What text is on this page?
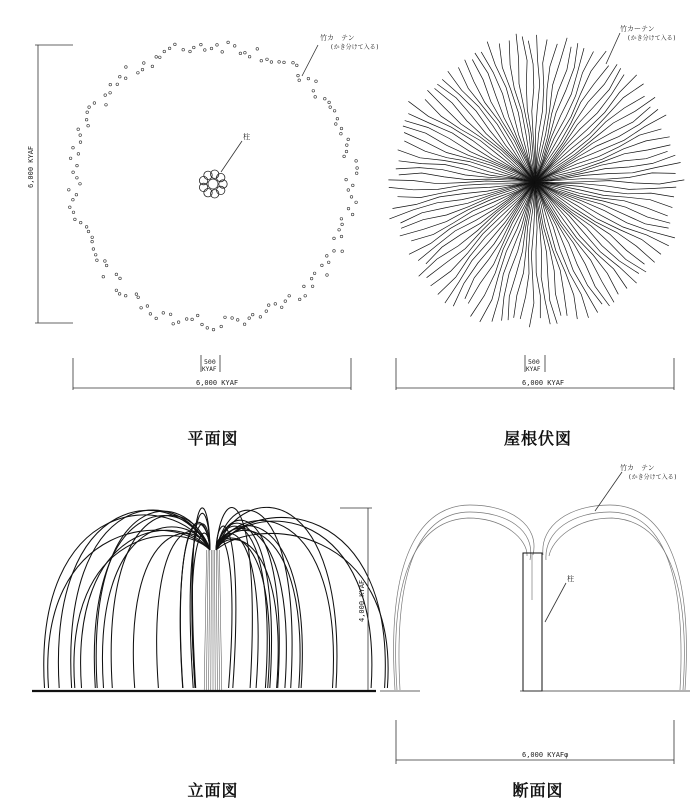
竹カ　テン
(かき分けて入る)
柱
6,000 KYAF
500
KYAF
6,000 KYAF
竹カーテン
(かき分けて入る)
500
KYAF
6,000 KYAF
4,000 KYAF
柱
竹カ　テン
(かき分けて入る)
6,000 KYAFφ
平面図	屋根伏図
立面図	断面図
